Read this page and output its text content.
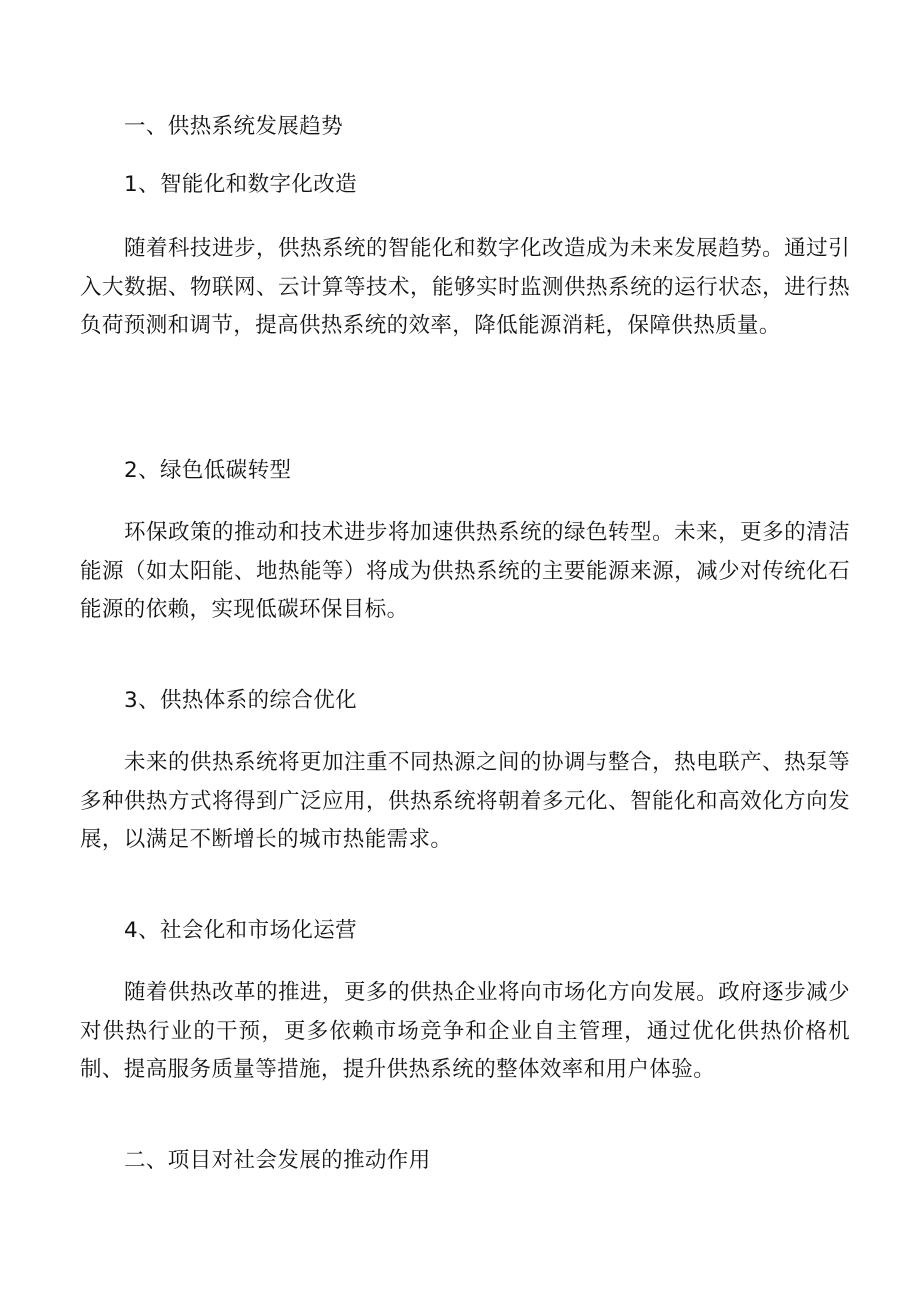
一、供热系统发展趋势

1、智能化和数字化改造

随着科技进步，供热系统的智能化和数字化改造成为未来发展趋势。通过引入大数据、物联网、云计算等技术，能够实时监测供热系统的运行状态，进行热负荷预测和调节，提高供热系统的效率，降低能源消耗，保障供热质量。

2、绿色低碳转型

环保政策的推动和技术进步将加速供热系统的绿色转型。未来，更多的清洁能源（如太阳能、地热能等）将成为供热系统的主要能源来源，减少对传统化石能源的依赖，实现低碳环保目标。

3、供热体系的综合优化

未来的供热系统将更加注重不同热源之间的协调与整合，热电联产、热泵等多种供热方式将得到广泛应用，供热系统将朝着多元化、智能化和高效化方向发展，以满足不断增长的城市热能需求。

4、社会化和市场化运营

随着供热改革的推进，更多的供热企业将向市场化方向发展。政府逐步减少对供热行业的干预，更多依赖市场竞争和企业自主管理，通过优化供热价格机制、提高服务质量等措施，提升供热系统的整体效率和用户体验。

二、项目对社会发展的推动作用
